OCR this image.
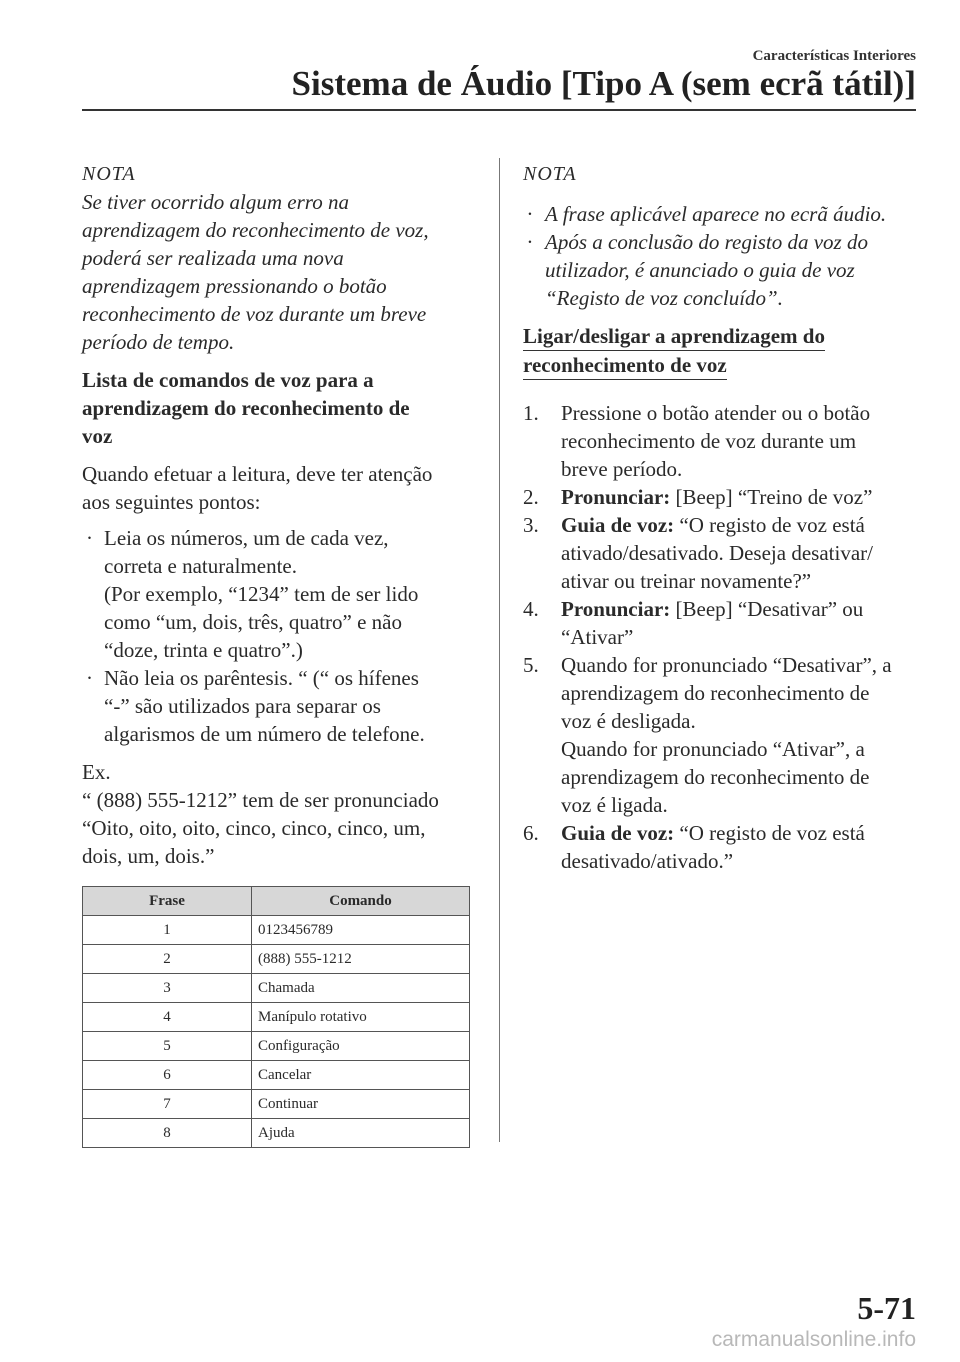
Características Interiores
Sistema de Áudio [Tipo A (sem ecrã tátil)]
NOTA
Se tiver ocorrido algum erro na
aprendizagem do reconhecimento de voz,
poderá ser realizada uma nova
aprendizagem pressionando o botão
reconhecimento de voz durante um breve
período de tempo.
Lista de comandos de voz para a
aprendizagem do reconhecimento de
voz
Quando efetuar a leitura, deve ter atenção
aos seguintes pontos:
· Leia os números, um de cada vez,
correta e naturalmente.
(Por exemplo, “1234” tem de ser lido
como “um, dois, três, quatro” e não
“doze, trinta e quatro”.)
· Não leia os parêntesis. “ (“ os hífenes
“-” são utilizados para separar os
algarismos de um número de telefone.
Ex.
“ (888) 555-1212” tem de ser pronunciado
“Oito, oito, oito, cinco, cinco, cinco, um,
dois, um, dois.”
Frase	Comando
1	0123456789
2	(888) 555-1212
3	Chamada
4	Manípulo rotativo
5	Configuração
6	Cancelar
7	Continuar
8	Ajuda
NOTA
· A frase aplicável aparece no ecrã áudio.
· Após a conclusão do registo da voz do
utilizador, é anunciado o guia de voz
“Registo de voz concluído”.
Ligar/desligar a aprendizagem do
reconhecimento de voz
1. Pressione o botão atender ou o botão
reconhecimento de voz durante um
breve período.
2. Pronunciar: [Beep] “Treino de voz”
3. Guia de voz: “O registo de voz está
ativado/desativado. Deseja desativar/
ativar ou treinar novamente?”
4. Pronunciar: [Beep] “Desativar” ou
“Ativar”
5. Quando for pronunciado “Desativar”, a
aprendizagem do reconhecimento de
voz é desligada.
Quando for pronunciado “Ativar”, a
aprendizagem do reconhecimento de
voz é ligada.
6. Guia de voz: “O registo de voz está
desativado/ativado.”
5-71
carmanualsonline.info
